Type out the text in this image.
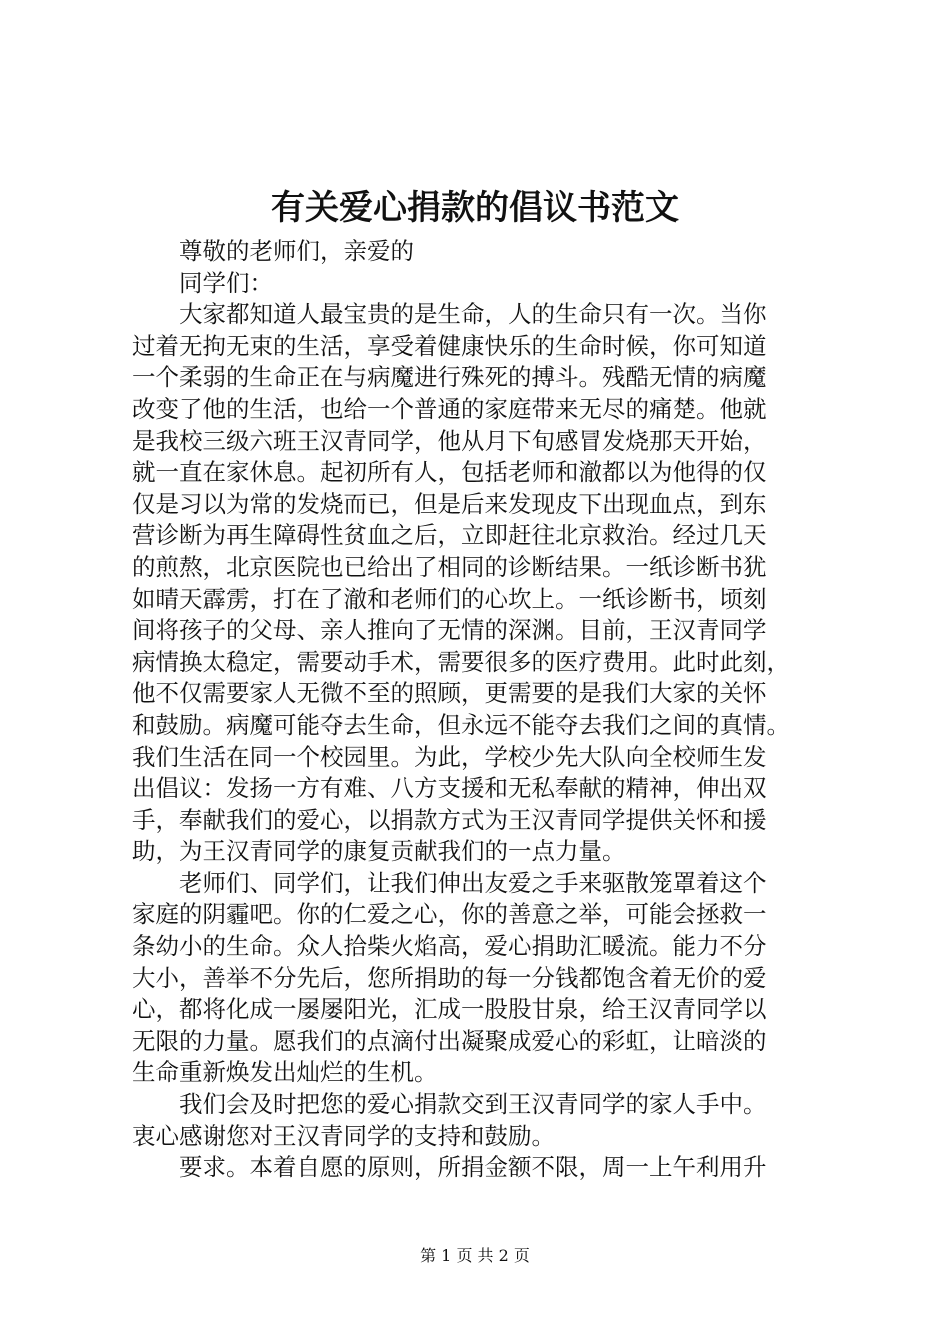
有关爱心捐款的倡议书范文
尊敬的老师们，亲爱的
同学们：
大家都知道人最宝贵的是生命，人的生命只有一次。当你
过着无拘无束的生活，享受着健康快乐的生命时候，你可知道
一个柔弱的生命正在与病魔进行殊死的搏斗。残酷无情的病魔
改变了他的生活，也给一个普通的家庭带来无尽的痛楚。他就
是我校三级六班王汉青同学，他从月下旬感冒发烧那天开始，
就一直在家休息。起初所有人，包括老师和澈都以为他得的仅
仅是习以为常的发烧而已，但是后来发现皮下出现血点，到东
营诊断为再生障碍性贫血之后，立即赶往北京救治。经过几天
的煎熬，北京医院也已给出了相同的诊断结果。一纸诊断书犹
如晴天霹雳，打在了澈和老师们的心坎上。一纸诊断书，顷刻
间将孩子的父母、亲人推向了无情的深渊。目前，王汉青同学
病情换太稳定，需要动手术，需要很多的医疗费用。此时此刻，
他不仅需要家人无微不至的照顾，更需要的是我们大家的关怀
和鼓励。病魔可能夺去生命，但永远不能夺去我们之间的真情。
我们生活在同一个校园里。为此，学校少先大队向全校师生发
出倡议：发扬一方有难、八方支援和无私奉献的精神，伸出双
手，奉献我们的爱心，以捐款方式为王汉青同学提供关怀和援
助，为王汉青同学的康复贡献我们的一点力量。
老师们、同学们，让我们伸出友爱之手来驱散笼罩着这个
家庭的阴霾吧。你的仁爱之心，你的善意之举，可能会拯救一
条幼小的生命。众人拾柴火焰高，爱心捐助汇暖流。能力不分
大小，善举不分先后，您所捐助的每一分钱都饱含着无价的爱
心，都将化成一屡屡阳光，汇成一股股甘泉，给王汉青同学以
无限的力量。愿我们的点滴付出凝聚成爱心的彩虹，让暗淡的
生命重新焕发出灿烂的生机。
我们会及时把您的爱心捐款交到王汉青同学的家人手中。
衷心感谢您对王汉青同学的支持和鼓励。
要求。本着自愿的原则，所捐金额不限，周一上午利用升
第 1 页 共 2 页
